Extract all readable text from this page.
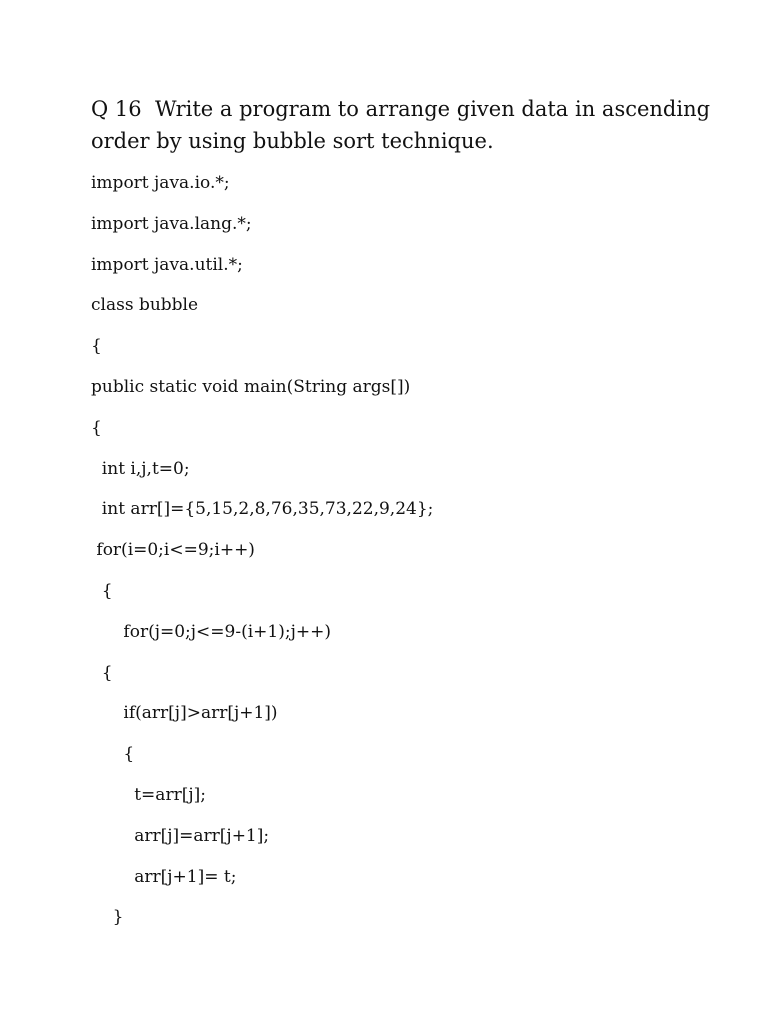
Q 16  Write a program to arrange given data in ascending
order by using bubble sort technique.
import java.io.*;
import java.lang.*;
import java.util.*;
class bubble
{
public static void main(String args[])
{
int i,j,t=0;
int arr[]={5,15,2,8,76,35,73,22,9,24};
for(i=0;i<=9;i++)
{
for(j=0;j<=9-(i+1);j++)
{
if(arr[j]>arr[j+1])
{
t=arr[j];
arr[j]=arr[j+1];
arr[j+1]= t;
}
